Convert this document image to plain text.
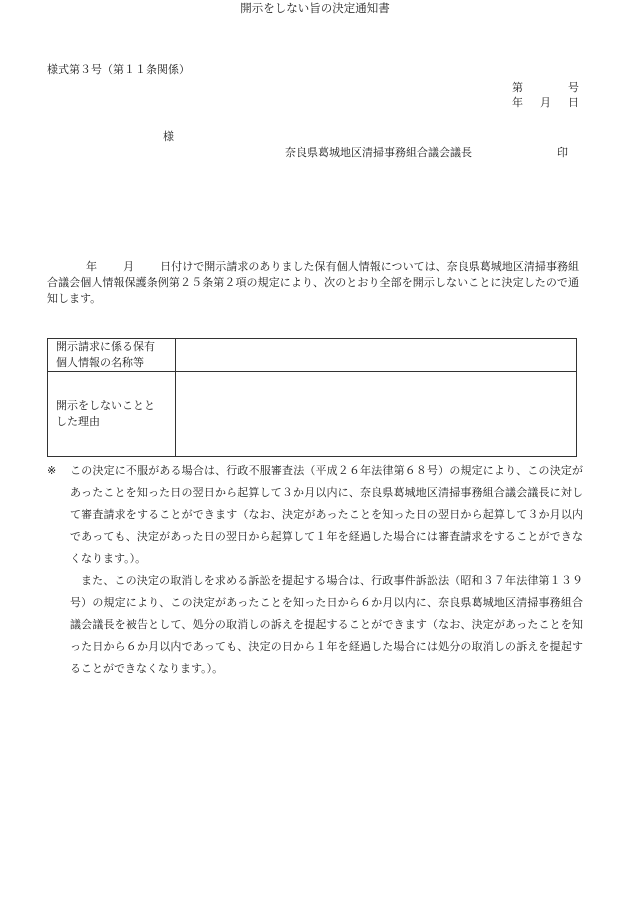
様式第３号（第１１条関係）
第	号
年 月 日
様
奈良県葛城地区清掃事務組合議会議長	印
開示をしない旨の決定通知書
年 月 日付けで開示請求のありました保有個人情報については、奈良県葛城地区清掃事務組合議会個人情報保護条例第２５条第２項の規定により、次のとおり全部を開示しないことに決定したので通知します。
開示請求に係る保有
個人情報の名称等	
開示をしないことと
した理由	
※ この決定に不服がある場合は、行政不服審査法（平成２６年法律第６８号）の規定により、この決定があったことを知った日の翌日から起算して３か月以内に、奈良県葛城地区清掃事務組合議会議長に対して審査請求をすることができます（なお、決定があったことを知った日の翌日から起算して３か月以内であっても、決定があった日の翌日から起算して１年を経過した場合には審査請求をすることができなくなります。）。
また、この決定の取消しを求める訴訟を提起する場合は、行政事件訴訟法（昭和３７年法律第１３９号）の規定により、この決定があったことを知った日から６か月以内に、奈良県葛城地区清掃事務組合議会議長を被告として、処分の取消しの訴えを提起することができます（なお、決定があったことを知った日から６か月以内であっても、決定の日から１年を経過した場合には処分の取消しの訴えを提起することができなくなります。）。
